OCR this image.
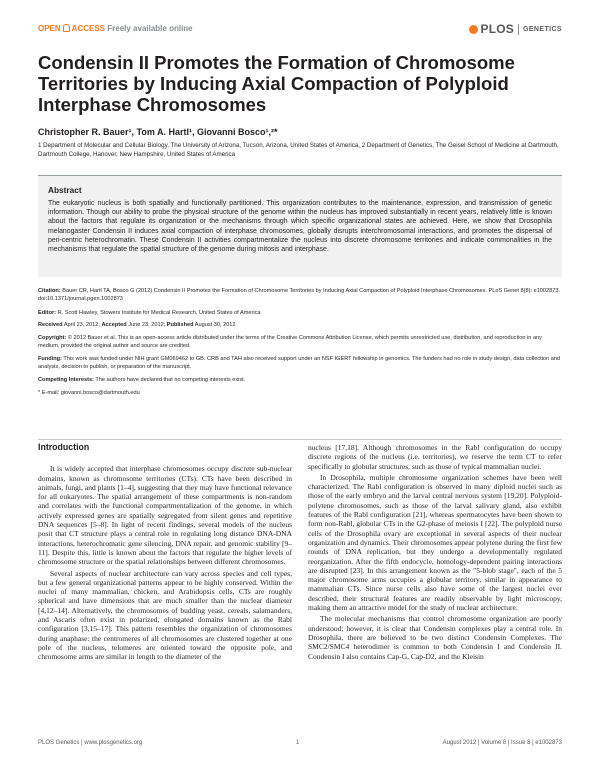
OPEN ACCESS Freely available online	PLOS GENETICS
Condensin II Promotes the Formation of Chromosome Territories by Inducing Axial Compaction of Polyploid Interphase Chromosomes
Christopher R. Bauer¹, Tom A. Hartl¹, Giovanni Bosco¹,²*
1 Department of Molecular and Cellular Biology, The University of Arizona, Tucson, Arizona, United States of America, 2 Department of Genetics, The Geisel School of Medicine at Dartmouth, Dartmouth College, Hanover, New Hampshire, United States of America
Abstract
The eukaryotic nucleus is both spatially and functionally partitioned. This organization contributes to the maintenance, expression, and transmission of genetic information. Though our ability to probe the physical structure of the genome within the nucleus has improved substantially in recent years, relatively little is known about the factors that regulate its organization or the mechanisms through which specific organizational states are achieved. Here, we show that Drosophila melanogaster Condensin II induces axial compaction of interphase chromosomes, globally disrupts interchromosomal interactions, and promotes the dispersal of peri-centric heterochromatin. These Condensin II activities compartmentalize the nucleus into discrete chromosome territories and indicate commonalities in the mechanisms that regulate the spatial structure of the genome during mitosis and interphase.
Citation: Bauer CR, Hartl TA, Bosco G (2012) Condensin II Promotes the Formation of Chromosome Territories by Inducing Axial Compaction of Polyploid Interphase Chromosomes. PLoS Genet 8(8): e1002873. doi:10.1371/journal.pgen.1002873
Editor: R. Scott Hawley, Stowers Institute for Medical Research, United States of America
Received April 23, 2012; Accepted June 23, 2012; Published August 30, 2012
Copyright: © 2012 Bauer et al. This is an open-access article distributed under the terms of the Creative Commons Attribution License, which permits unrestricted use, distribution, and reproduction in any medium, provided the original author and source are credited.
Funding: This work was funded under NIH grant GM069462 to GB. CRB and TAH also received support under an NSF IGERT fellowship in genomics. The funders had no role in study design, data collection and analysis, decision to publish, or preparation of the manuscript.
Competing Interests: The authors have declared that no competing interests exist.
* E-mail: giovanni.bosco@dartmouth.edu
Introduction

It is widely accepted that interphase chromosomes occupy discrete sub-nuclear domains, known as chromosome territories (CTs). CTs have been described in animals, fungi, and plants [1–4], suggesting that they may have functional relevance for all eukaryotes. The spatial arrangement of these compartments is non-random and correlates with the functional compartmentalization of the genome, in which actively expressed genes are spatially segregated from silent genes and repetitive DNA sequences [5–8]. In light of recent findings, several models of the nucleus posit that CT structure plays a central role in regulating long distance DNA-DNA interactions, heterochromatic gene silencing, DNA repair, and genomic stability [9–11]. Despite this, little is known about the factors that regulate the higher levels of chromosome structure or the spatial relationships between different chromosomes.

Several aspects of nuclear architecture can vary across species and cell types, but a few general organizational patterns appear to be highly conserved. Within the nuclei of many mammalian, chicken, and Arabidopsis cells, CTs are roughly spherical and have dimensions that are much smaller than the nuclear diameter [4,12–14]. Alternatively, the chromosomes of budding yeast, cereals, salamanders, and Ascaris often exist in polarized, elongated domains known as the Rabl configuration [3,15–17]. This pattern resembles the organization of chromosomes during anaphase: the centromeres of all chromosomes are clustered together at one pole of the nucleus, telomeres are oriented toward the opposite pole, and chromosome arms are similar in length to the diameter of the

nucleus [17,18]. Although chromosomes in the Rabl configuration do occupy discrete regions of the nucleus (i.e. territories), we reserve the term CT to refer specifically to globular structures, such as those of typical mammalian nuclei.

In Drosophila, multiple chromosome organization schemes have been well characterized. The Rabl configuration is observed in many diploid nuclei such as those of the early embryo and the larval central nervous system [19,20]. Polyploid-polytene chromosomes, such as those of the larval salivary gland, also exhibit features of the Rabl configuration [21], whereas spermatocytes have been shown to form non-Rabl, globular CTs in the G2-phase of meiosis I [22]. The polyploid nurse cells of the Drosophila ovary are exceptional in several aspects of their nuclear organization and dynamics. Their chromosomes appear polytene during the first few rounds of DNA replication, but they undergo a developmentally regulated reorganization. After the fifth endocycle, homology-dependent pairing interactions are disrupted [23]. In this arrangement known as the "5-blob stage", each of the 5 major chromosome arms occupies a globular territory, similar in appearance to mammalian CTs. Since nurse cells also have some of the largest nuclei ever described, their structural features are readily observable by light microscopy, making them an attractive model for the study of nuclear architecture.

The molecular mechanisms that control chromosome organization are poorly understood; however, it is clear that Condensin complexes play a central role. In Drosophila, there are believed to be two distinct Condensin Complexes. The SMC2/SMC4 heterodimer is common to both Condensin I and Condensin II. Condensin I also contains Cap-G, Cap-D2, and the Kleisin

PLOS Genetics | www.plosgenetics.org	1	August 2012 | Volume 8 | Issue 8 | e1002873
